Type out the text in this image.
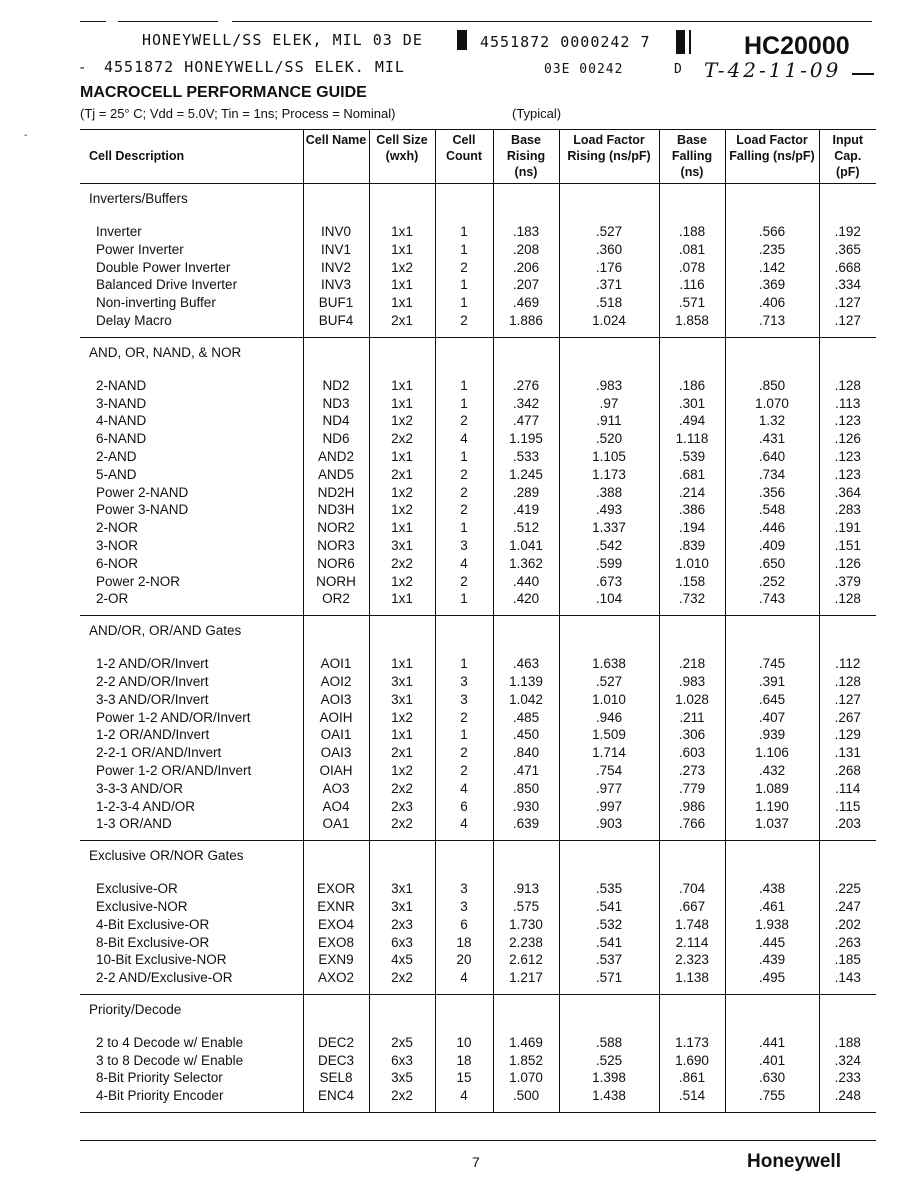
HONEYWELL/SS ELEK, MIL 03 DE	4551872 0000242 7	HC20000
- 4551872 HONEYWELL/SS ELEK. MIL	03E 00242	D T-42-11-09
MACROCELL PERFORMANCE GUIDE
(Tj = 25° C; Vdd = 5.0V; Tin = 1ns; Process = Nominal)	(Typical)
-
Cell Description	Cell Name	Cell Size (wxh)	Cell Count	Base Rising (ns)	Load Factor Rising (ns/pF)	Base Falling (ns)	Load Factor Falling (ns/pF)	Input Cap. (pF)
Inverters/Buffers								

Inverter	INV0	1x1	1	.183	.527	.188	.566	.192
Power Inverter	INV1	1x1	1	.208	.360	.081	.235	.365
Double Power Inverter	INV2	1x2	2	.206	.176	.078	.142	.668
Balanced Drive Inverter	INV3	1x1	1	.207	.371	.116	.369	.334
Non-inverting Buffer	BUF1	1x1	1	.469	.518	.571	.406	.127
Delay Macro	BUF4	2x1	2	1.886	1.024	1.858	.713	.127

AND, OR, NAND, & NOR								

2-NAND	ND2	1x1	1	.276	.983	.186	.850	.128
3-NAND	ND3	1x1	1	.342	.97	.301	1.070	.113
4-NAND	ND4	1x2	2	.477	.911	.494	1.32	.123
6-NAND	ND6	2x2	4	1.195	.520	1.118	.431	.126
2-AND	AND2	1x1	1	.533	1.105	.539	.640	.123
5-AND	AND5	2x1	2	1.245	1.173	.681	.734	.123
Power 2-NAND	ND2H	1x2	2	.289	.388	.214	.356	.364
Power 3-NAND	ND3H	1x2	2	.419	.493	.386	.548	.283
2-NOR	NOR2	1x1	1	.512	1.337	.194	.446	.191
3-NOR	NOR3	3x1	3	1.041	.542	.839	.409	.151
6-NOR	NOR6	2x2	4	1.362	.599	1.010	.650	.126
Power 2-NOR	NORH	1x2	2	.440	.673	.158	.252	.379
2-OR	OR2	1x1	1	.420	.104	.732	.743	.128

AND/OR, OR/AND Gates								

1-2 AND/OR/Invert	AOI1	1x1	1	.463	1.638	.218	.745	.112
2-2 AND/OR/Invert	AOI2	3x1	3	1.139	.527	.983	.391	.128
3-3 AND/OR/Invert	AOI3	3x1	3	1.042	1.010	1.028	.645	.127
Power 1-2 AND/OR/Invert	AOIH	1x2	2	.485	.946	.211	.407	.267
1-2 OR/AND/Invert	OAI1	1x1	1	.450	1.509	.306	.939	.129
2-2-1 OR/AND/Invert	OAI3	2x1	2	.840	1.714	.603	1.106	.131
Power 1-2 OR/AND/Invert	OIAH	1x2	2	.471	.754	.273	.432	.268
3-3-3 AND/OR	AO3	2x2	4	.850	.977	.779	1.089	.114
1-2-3-4 AND/OR	AO4	2x3	6	.930	.997	.986	1.190	.115
1-3 OR/AND	OA1	2x2	4	.639	.903	.766	1.037	.203

Exclusive OR/NOR Gates								

Exclusive-OR	EXOR	3x1	3	.913	.535	.704	.438	.225
Exclusive-NOR	EXNR	3x1	3	.575	.541	.667	.461	.247
4-Bit Exclusive-OR	EXO4	2x3	6	1.730	.532	1.748	1.938	.202
8-Bit Exclusive-OR	EXO8	6x3	18	2.238	.541	2.114	.445	.263
10-Bit Exclusive-NOR	EXN9	4x5	20	2.612	.537	2.323	.439	.185
2-2 AND/Exclusive-OR	AXO2	2x2	4	1.217	.571	1.138	.495	.143

Priority/Decode								

2 to 4 Decode w/ Enable	DEC2	2x5	10	1.469	.588	1.173	.441	.188
3 to 8 Decode w/ Enable	DEC3	6x3	18	1.852	.525	1.690	.401	.324
8-Bit Priority Selector	SEL8	3x5	15	1.070	1.398	.861	.630	.233
4-Bit Priority Encoder	ENC4	2x2	4	.500	1.438	.514	.755	.248

7	Honeywell
